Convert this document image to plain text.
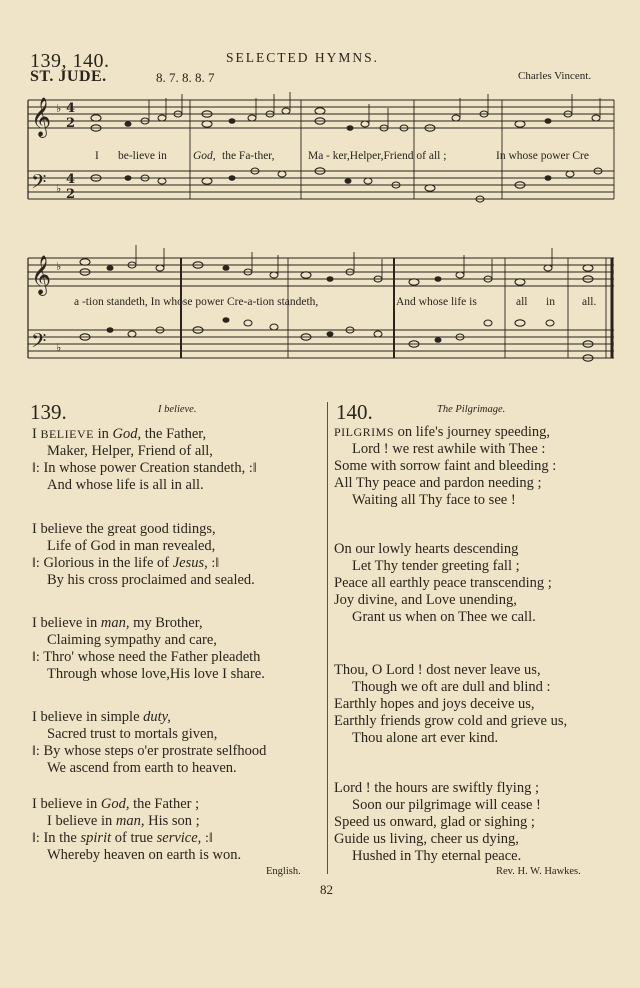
139, 140.	SELECTED HYMNS.
ST. JUDE.	8. 7. 8. 8. 7	Charles Vincent.
𝄞
𝄢
𝄞
𝄢
♭
♭
♭
♭
4
2
4
2
I be-lieve in God, the Fa-ther,	Ma - ker,Helper,Friend of all ;	In whose power Cre
a -tion standeth, In whose power Cre-a-tion standeth,	And whose life is	all in all.
139.	I believe.
I BELIEVE in God, the Father,
Maker, Helper, Friend of all,
‖: In whose power Creation standeth, :‖
And whose life is all in all.
I believe the great good tidings,
Life of God in man revealed,
‖: Glorious in the life of Jesus, :‖
By his cross proclaimed and sealed.
I believe in man, my Brother,
Claiming sympathy and care,
‖: Thro' whose need the Father pleadeth
Through whose love,His love I share.
I believe in simple duty,
Sacred trust to mortals given,
‖: By whose steps o'er prostrate selfhood
We ascend from earth to heaven.
I believe in God, the Father ;
I believe in man, His son ;
‖: In the spirit of true service, :‖
Whereby heaven on earth is won.
English.
140.	The Pilgrimage.
PILGRIMS on life's journey speeding,
Lord ! we rest awhile with Thee :
Some with sorrow faint and bleeding :
All Thy peace and pardon needing ;
Waiting all Thy face to see !
On our lowly hearts descending
Let Thy tender greeting fall ;
Peace all earthly peace transcending ;
Joy divine, and Love unending,
Grant us when on Thee we call.
Thou, O Lord ! dost never leave us,
Though we oft are dull and blind :
Earthly hopes and joys deceive us,
Earthly friends grow cold and grieve us,
Thou alone art ever kind.
Lord ! the hours are swiftly flying ;
Soon our pilgrimage will cease !
Speed us onward, glad or sighing ;
Guide us living, cheer us dying,
Hushed in Thy eternal peace.
Rev. H. W. Hawkes.
82
